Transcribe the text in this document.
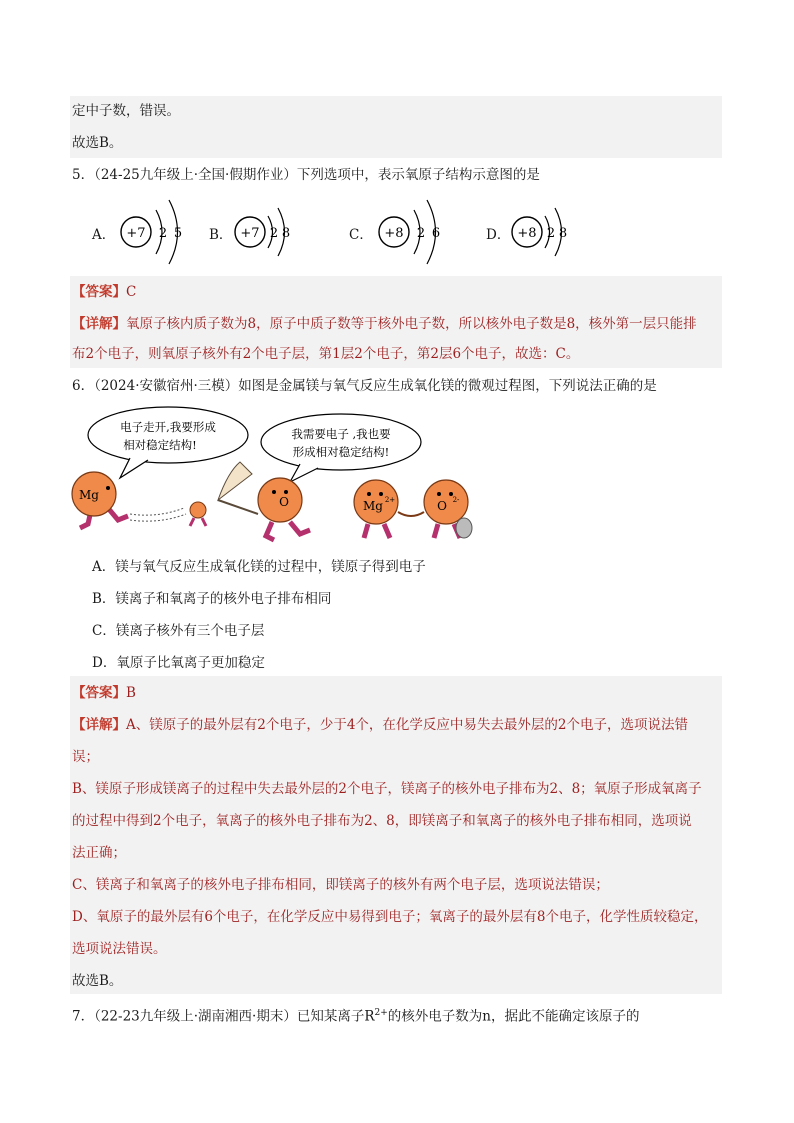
定中子数，错误。
故选B。
5．（24-25九年级上·全国·假期作业）下列选项中，表示氧原子结构示意图的是
A． +7 2 5 B． +7 2 8	C． +8 2 6	D． +8 2 8
【答案】C
【详解】氧原子核内质子数为8，原子中质子数等于核外电子数，所以核外电子数是8，核外第一层只能排
布2个电子，则氧原子核外有2个电子层，第1层2个电子，第2层6个电子，故选：C。
6．（2024·安徽宿州·三模）如图是金属镁与氧气反应生成氧化镁的微观过程图，下列说法正确的是
电子走开,我要形成
相对稳定结构!
我需要电子 ,我也要
形成相对稳定结构!
Mg	O	Mg 2+	O 2-
A．镁与氧气反应生成氧化镁的过程中，镁原子得到电子
B．镁离子和氧离子的核外电子排布相同
C．镁离子核外有三个电子层
D．氧原子比氧离子更加稳定
【答案】B
【详解】A、镁原子的最外层有2个电子，少于4个，在化学反应中易失去最外层的2个电子，选项说法错
误；
B、镁原子形成镁离子的过程中失去最外层的2个电子，镁离子的核外电子排布为2、8；氧原子形成氧离子
的过程中得到2个电子，氧离子的核外电子排布为2、8，即镁离子和氧离子的核外电子排布相同，选项说
法正确；
C、镁离子和氧离子的核外电子排布相同，即镁离子的核外有两个电子层，选项说法错误；
D、氧原子的最外层有6个电子，在化学反应中易得到电子；氧离子的最外层有8个电子，化学性质较稳定，
选项说法错误。
故选B。
7．（22-23九年级上·湖南湘西·期末）已知某离子$R^{2+}$的核外电子数为n，据此不能确定该原子的
